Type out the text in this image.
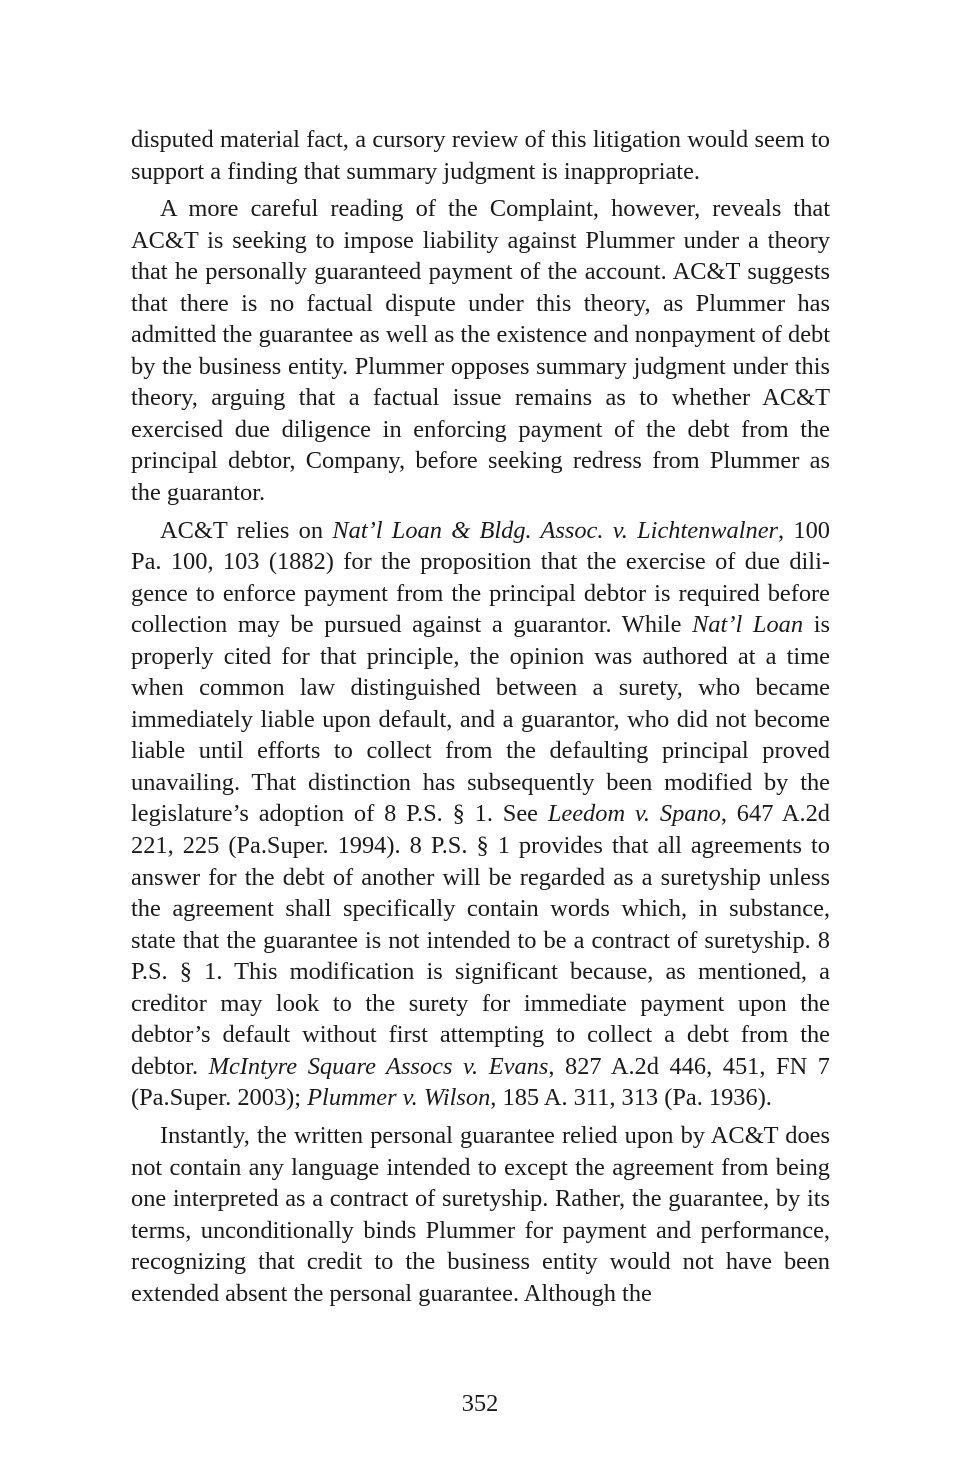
disputed material fact, a cursory review of this litigation would seem to support a finding that summary judgment is inappropriate.

A more careful reading of the Complaint, however, reveals that AC&T is seeking to impose liability against Plummer under a theory that he personally guaranteed payment of the account. AC&T suggests that there is no factual dispute under this theory, as Plummer has admitted the guarantee as well as the existence and nonpayment of debt by the business entity. Plummer opposes summary judgment under this theory, arguing that a factual issue remains as to whether AC&T exercised due diligence in enforcing payment of the debt from the principal debtor, Company, before seeking redress from Plummer as the guarantor.

AC&T relies on Nat’l Loan & Bldg. Assoc. v. Lichtenwalner, 100 Pa. 100, 103 (1882) for the proposition that the exercise of due diligence to enforce payment from the principal debtor is required before collection may be pursued against a guarantor. While Nat’l Loan is properly cited for that principle, the opinion was authored at a time when common law distinguished between a surety, who became immediately liable upon default, and a guarantor, who did not become liable until efforts to collect from the defaulting principal proved unavailing. That distinction has subsequently been modified by the legislature’s adoption of 8 P.S. § 1. See Leedom v. Spano, 647 A.2d 221, 225 (Pa.Super. 1994). 8 P.S. § 1 provides that all agreements to answer for the debt of another will be regarded as a suretyship unless the agreement shall specifically contain words which, in substance, state that the guarantee is not intended to be a contract of suretyship. 8 P.S. § 1. This modification is significant because, as mentioned, a creditor may look to the surety for immediate payment upon the debtor’s default without first attempting to collect a debt from the debtor. McIntyre Square Assocs v. Evans, 827 A.2d 446, 451, FN 7 (Pa.Super. 2003); Plummer v. Wilson, 185 A. 311, 313 (Pa. 1936).

Instantly, the written personal guarantee relied upon by AC&T does not contain any language intended to except the agreement from being one interpreted as a contract of suretyship. Rather, the guarantee, by its terms, unconditionally binds Plummer for payment and performance, recognizing that credit to the business entity would not have been extended absent the personal guarantee. Although the

352
